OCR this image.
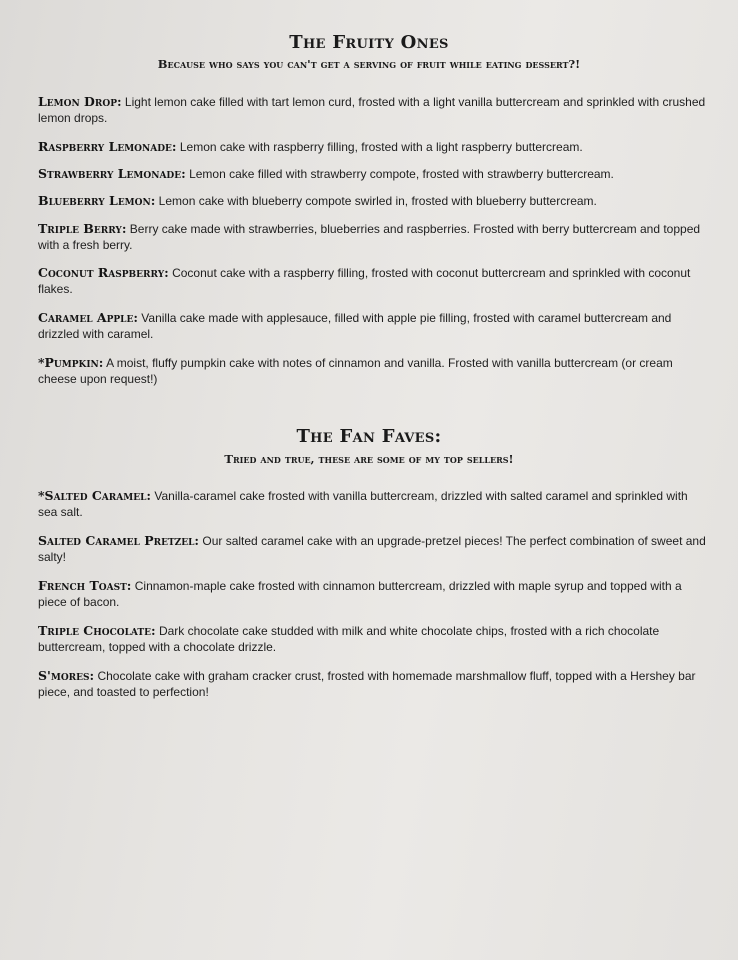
The Fruity Ones
Because who says you can't get a serving of fruit while eating dessert?!

Lemon Drop: Light lemon cake filled with tart lemon curd, frosted with a light vanilla buttercream and sprinkled with crushed lemon drops.

Raspberry Lemonade: Lemon cake with raspberry filling, frosted with a light raspberry buttercream.

Strawberry Lemonade: Lemon cake filled with strawberry compote, frosted with strawberry buttercream.

Blueberry Lemon: Lemon cake with blueberry compote swirled in, frosted with blueberry buttercream.

Triple Berry: Berry cake made with strawberries, blueberries and raspberries. Frosted with berry buttercream and topped with a fresh berry.

Coconut Raspberry: Coconut cake with a raspberry filling, frosted with coconut buttercream and sprinkled with coconut flakes.

Caramel Apple: Vanilla cake made with applesauce, filled with apple pie filling, frosted with caramel buttercream and drizzled with caramel.

*Pumpkin: A moist, fluffy pumpkin cake with notes of cinnamon and vanilla. Frosted with vanilla buttercream (or cream cheese upon request!)

The Fan Faves:
Tried and true, these are some of my top sellers!

*Salted Caramel: Vanilla-caramel cake frosted with vanilla buttercream, drizzled with salted caramel and sprinkled with sea salt.

Salted Caramel Pretzel: Our salted caramel cake with an upgrade-pretzel pieces! The perfect combination of sweet and salty!

French Toast: Cinnamon-maple cake frosted with cinnamon buttercream, drizzled with maple syrup and topped with a piece of bacon.

Triple Chocolate: Dark chocolate cake studded with milk and white chocolate chips, frosted with a rich chocolate buttercream, topped with a chocolate drizzle.

S'mores: Chocolate cake with graham cracker crust, frosted with homemade marshmallow fluff, topped with a Hershey bar piece, and toasted to perfection!
